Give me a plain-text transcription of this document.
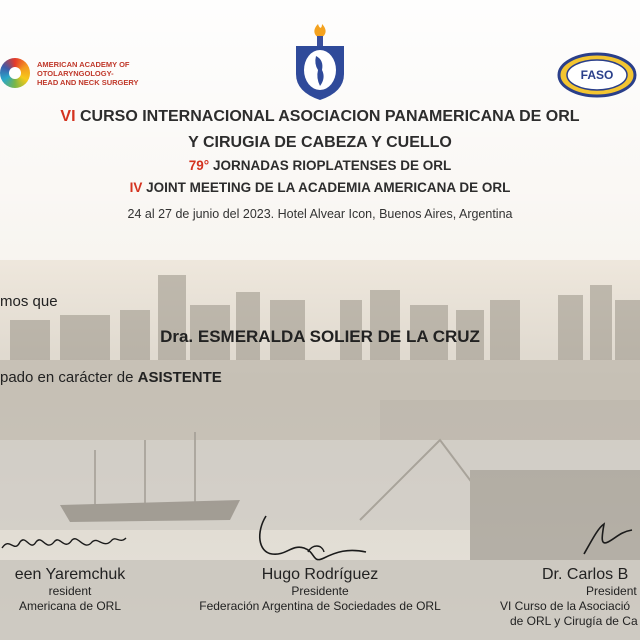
AMERICAN ACADEMY OF
OTOLARYNGOLOGY-
HEAD AND NECK SURGERY
FASO
VI CURSO INTERNACIONAL ASOCIACION PANAMERICANA DE ORL
Y CIRUGIA DE CABEZA Y CUELLO
79° JORNADAS RIOPLATENSES DE ORL
IV JOINT MEETING DE LA ACADEMIA AMERICANA DE ORL
24 al 27 de junio del 2023. Hotel Alvear Icon, Buenos Aires, Argentina
mos que
Dra. ESMERALDA SOLIER DE LA CRUZ
pado en carácter de ASISTENTE
een Yaremchuk
resident
Americana de ORL
Hugo Rodríguez
Presidente
Federación Argentina de Sociedades de ORL
Dr. Carlos B
President
VI Curso de la Asociació
de ORL y Cirugía de Ca
